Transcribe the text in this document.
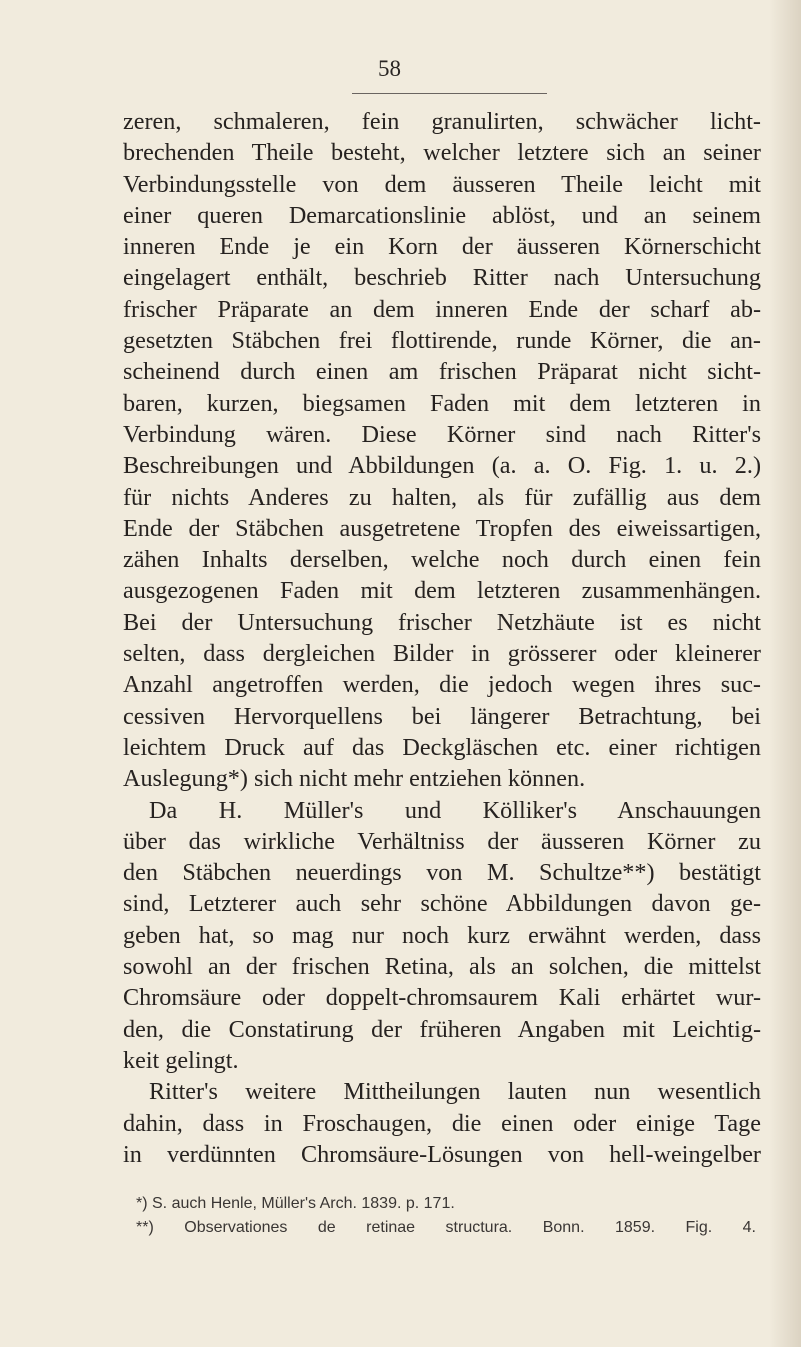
58
zeren, schmaleren, fein granulirten, schwächer licht-
brechenden Theile besteht, welcher letztere sich an seiner
Verbindungsstelle von dem äusseren Theile leicht mit
einer queren Demarcationslinie ablöst, und an seinem
inneren Ende je ein Korn der äusseren Körnerschicht
eingelagert enthält, beschrieb Ritter nach Untersuchung
frischer Präparate an dem inneren Ende der scharf ab-
gesetzten Stäbchen frei flottirende, runde Körner, die an-
scheinend durch einen am frischen Präparat nicht sicht-
baren, kurzen, biegsamen Faden mit dem letzteren in
Verbindung wären. Diese Körner sind nach Ritter's
Beschreibungen und Abbildungen (a. a. O. Fig. 1. u. 2.)
für nichts Anderes zu halten, als für zufällig aus dem
Ende der Stäbchen ausgetretene Tropfen des eiweissartigen,
zähen Inhalts derselben, welche noch durch einen fein
ausgezogenen Faden mit dem letzteren zusammenhängen.
Bei der Untersuchung frischer Netzhäute ist es nicht
selten, dass dergleichen Bilder in grösserer oder kleinerer
Anzahl angetroffen werden, die jedoch wegen ihres suc-
cessiven Hervorquellens bei längerer Betrachtung, bei
leichtem Druck auf das Deckgläschen etc. einer richtigen
Auslegung*) sich nicht mehr entziehen können.
Da H. Müller's und Kölliker's Anschauungen
über das wirkliche Verhältniss der äusseren Körner zu
den Stäbchen neuerdings von M. Schultze**) bestätigt
sind, Letzterer auch sehr schöne Abbildungen davon ge-
geben hat, so mag nur noch kurz erwähnt werden, dass
sowohl an der frischen Retina, als an solchen, die mittelst
Chromsäure oder doppelt-chromsaurem Kali erhärtet wur-
den, die Constatirung der früheren Angaben mit Leichtig-
keit gelingt.
Ritter's weitere Mittheilungen lauten nun wesentlich
dahin, dass in Froschaugen, die einen oder einige Tage
in verdünnten Chromsäure-Lösungen von hell-weingelber
*) S. auch Henle, Müller's Arch. 1839. p. 171.
**) Observationes de retinae structura. Bonn. 1859. Fig. 4.
